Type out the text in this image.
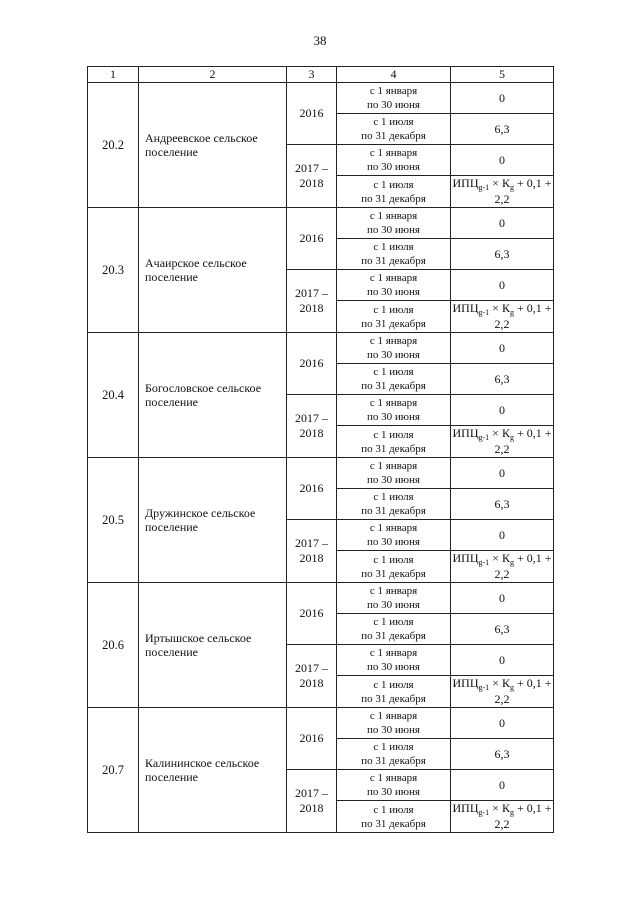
38
1	2	3	4	5
20.2	Андреевское сельское поселение	2016	с 1 января
по 30 июня	0

			с 1 июля
по 31 декабря	6,3
		2017 –
2018	с 1 января
по 30 июня	0

			с 1 июля
по 31 декабря	$ИПЦ_{g-1} \times К_g + 0,1 + 2,2$
20.3	Ачаирское сельское поселение	2016	с 1 января
по 30 июня	0

			с 1 июля
по 31 декабря	6,3
		2017 –
2018	с 1 января
по 30 июня	0

			с 1 июля
по 31 декабря	$ИПЦ_{g-1} \times К_g + 0,1 + 2,2$
20.4	Богословское сельское поселение	2016	с 1 января
по 30 июня	0

			с 1 июля
по 31 декабря	6,3
		2017 –
2018	с 1 января
по 30 июня	0

			с 1 июля
по 31 декабря	$ИПЦ_{g-1} \times К_g + 0,1 + 2,2$
20.5	Дружинское сельское поселение	2016	с 1 января
по 30 июня	0

			с 1 июля
по 31 декабря	6,3
		2017 –
2018	с 1 января
по 30 июня	0

			с 1 июля
по 31 декабря	$ИПЦ_{g-1} \times К_g + 0,1 + 2,2$
20.6	Иртышское сельское поселение	2016	с 1 января
по 30 июня	0

			с 1 июля
по 31 декабря	6,3
		2017 –
2018	с 1 января
по 30 июня	0

			с 1 июля
по 31 декабря	$ИПЦ_{g-1} \times К_g + 0,1 + 2,2$
20.7	Калининское сельское поселение	2016	с 1 января
по 30 июня	0

			с 1 июля
по 31 декабря	6,3
		2017 –
2018	с 1 января
по 30 июня	0

			с 1 июля
по 31 декабря	$ИПЦ_{g-1} \times К_g + 0,1 + 2,2$
